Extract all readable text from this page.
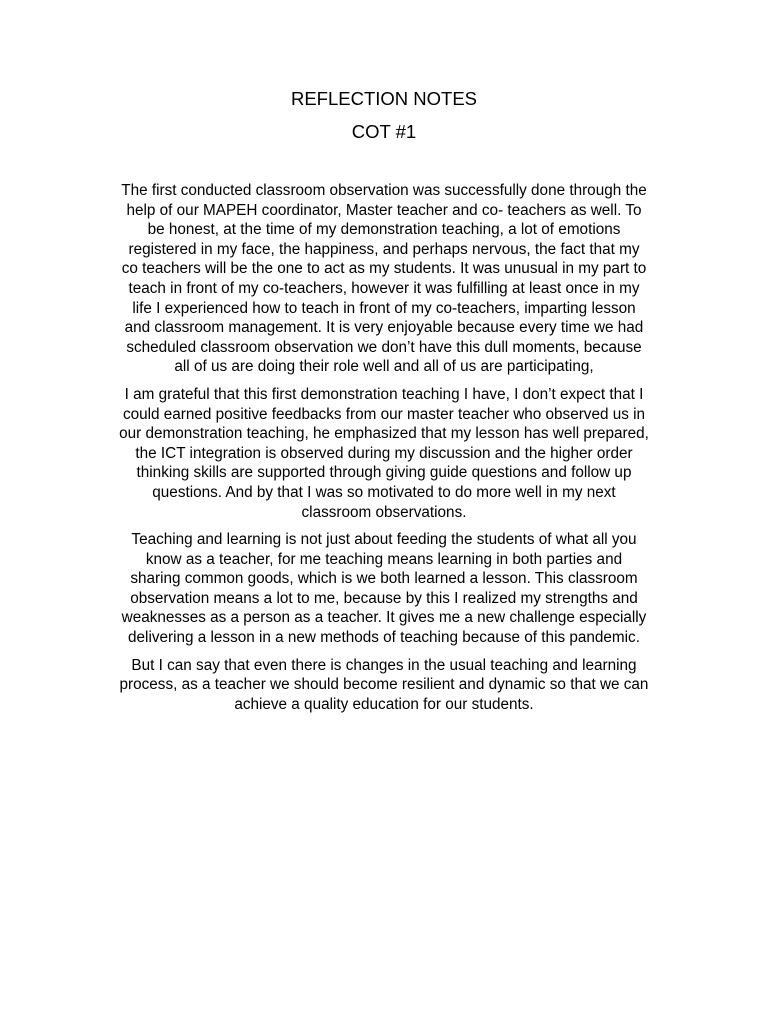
REFLECTION NOTES
COT #1

The first conducted classroom observation was successfully done through the
help of our MAPEH coordinator, Master teacher and co- teachers as well. To
be honest, at the time of my demonstration teaching, a lot of emotions
registered in my face, the happiness, and perhaps nervous, the fact that my
co teachers will be the one to act as my students. It was unusual in my part to
teach in front of my co-teachers, however it was fulfilling at least once in my
life I experienced how to teach in front of my co-teachers, imparting lesson
and classroom management. It is very enjoyable because every time we had
scheduled classroom observation we don’t have this dull moments, because
all of us are doing their role well and all of us are participating,

I am grateful that this first demonstration teaching I have, I don’t expect that I
could earned positive feedbacks from our master teacher who observed us in
our demonstration teaching, he emphasized that my lesson has well prepared,
the ICT integration is observed during my discussion and the higher order
thinking skills are supported through giving guide questions and follow up
questions. And by that I was so motivated to do more well in my next
classroom observations.

Teaching and learning is not just about feeding the students of what all you
know as a teacher, for me teaching means learning in both parties and
sharing common goods, which is we both learned a lesson. This classroom
observation means a lot to me, because by this I realized my strengths and
weaknesses as a person as a teacher. It gives me a new challenge especially
delivering a lesson in a new methods of teaching because of this pandemic.

But I can say that even there is changes in the usual teaching and learning
process, as a teacher we should become resilient and dynamic so that we can
achieve a quality education for our students.
